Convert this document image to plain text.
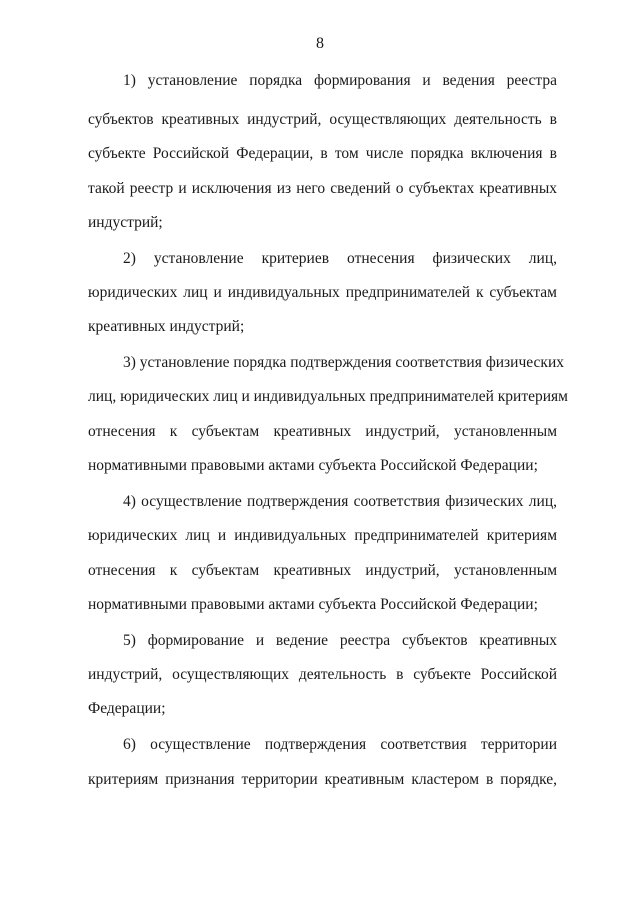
8
1) установление порядка формирования и ведения реестра
субъектов креативных индустрий, осуществляющих деятельность в
субъекте Российской Федерации, в том числе порядка включения в
такой реестр и исключения из него сведений о субъектах креативных
индустрий;
2) установление критериев отнесения физических лиц,
юридических лиц и индивидуальных предпринимателей к субъектам
креативных индустрий;
3) установление порядка подтверждения соответствия физических
лиц, юридических лиц и индивидуальных предпринимателей критериям
отнесения к субъектам креативных индустрий, установленным
нормативными правовыми актами субъекта Российской Федерации;
4) осуществление подтверждения соответствия физических лиц,
юридических лиц и индивидуальных предпринимателей критериям
отнесения к субъектам креативных индустрий, установленным
нормативными правовыми актами субъекта Российской Федерации;
5) формирование и ведение реестра субъектов креативных
индустрий, осуществляющих деятельность в субъекте Российской
Федерации;
6) осуществление подтверждения соответствия территории
критериям признания территории креативным кластером в порядке,
